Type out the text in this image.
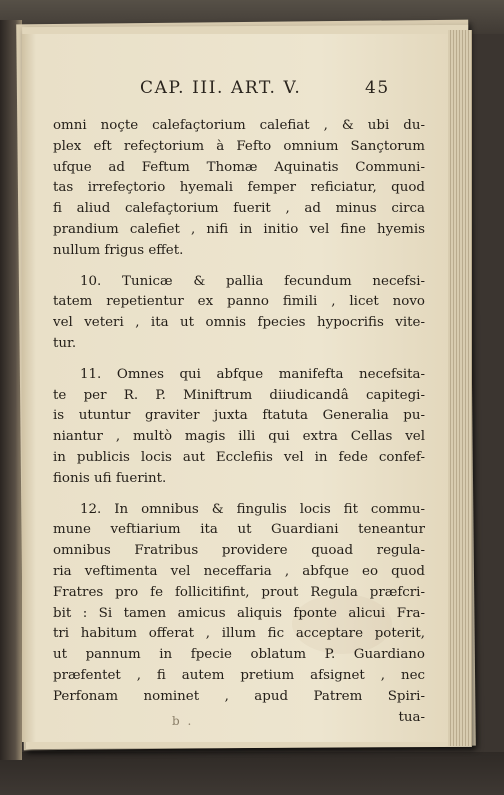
CAP. III. ART. V.	45
omni noçte calefaçtorium calefiat , & ubi du-
plex eft refeçtorium à Fefto omnium Sançtorum
ufque ad Feftum Thomæ Aquinatis Communi-
tas irrefeçtorio hyemali femper reficiatur, quod
fi aliud calefaçtorium fuerit , ad minus circa
prandium calefiet , nifi in initio vel fine hyemis
nullum frigus effet.
10. Tunicæ & pallia fecundum necefsi-
tatem repetientur ex panno fimili , licet novo
vel veteri , ita ut omnis fpecies hypocrifis vite-
tur.
11. Omnes qui abfque manifefta necefsita-
te per R. P. Miniftrum diiudicandâ capitegi-
is utuntur graviter juxta ftatuta Generalia pu-
niantur , multò magis illi qui extra Cellas vel
in publicis locis aut Ecclefiis vel in fede confef-
fionis ufi fuerint.
12. In omnibus & fingulis locis fit commu-
mune veftiarium ita ut Guardiani teneantur
omnibus Fratribus providere quoad regula-
ria veftimenta vel neceffaria , abfque eo quod
Fratres pro fe follicitifint, prout Regula præfcri-
bit : Si tamen amicus aliquis fponte alicui Fra-
tri habitum offerat , illum fic acceptare poterit,
ut pannum in fpecie oblatum P. Guardiano
præfentet , fi autem pretium afsignet , nec
Perfonam nominet , apud Patrem Spiri-
tua-
b .
